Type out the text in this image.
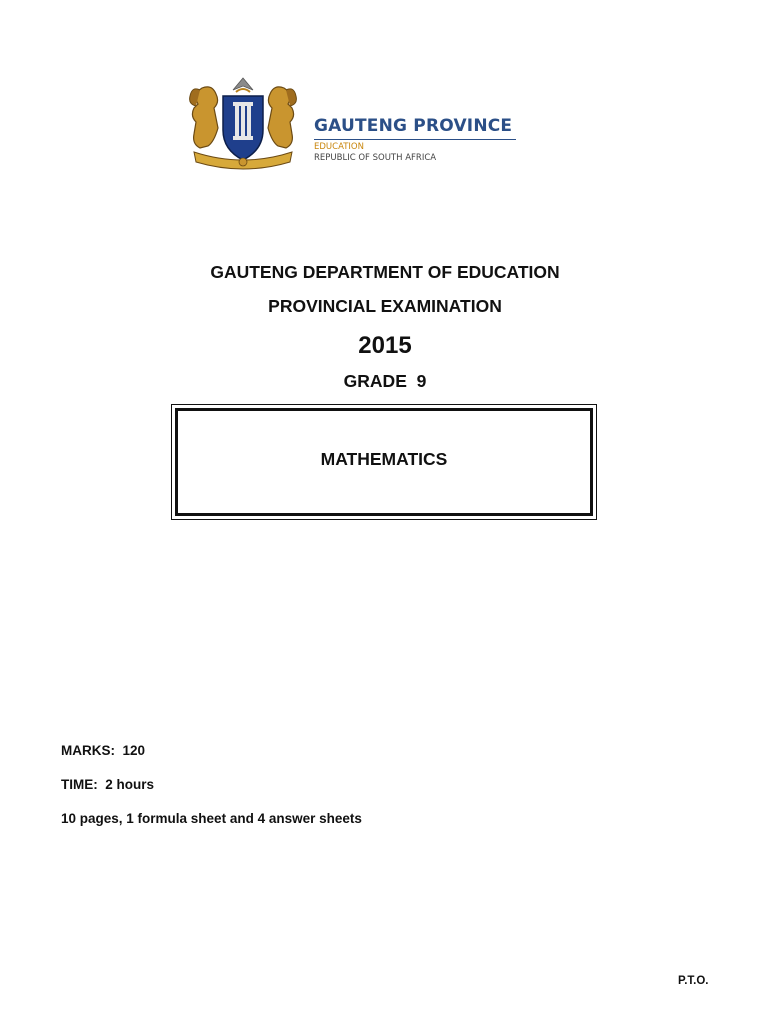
GAUTENG PROVINCE
EDUCATION
REPUBLIC OF SOUTH AFRICA
GAUTENG DEPARTMENT OF EDUCATION
PROVINCIAL EXAMINATION
2015
GRADE  9
MATHEMATICS
MARKS:  120
TIME:  2 hours
10 pages, 1 formula sheet and 4 answer sheets
P.T.O.
